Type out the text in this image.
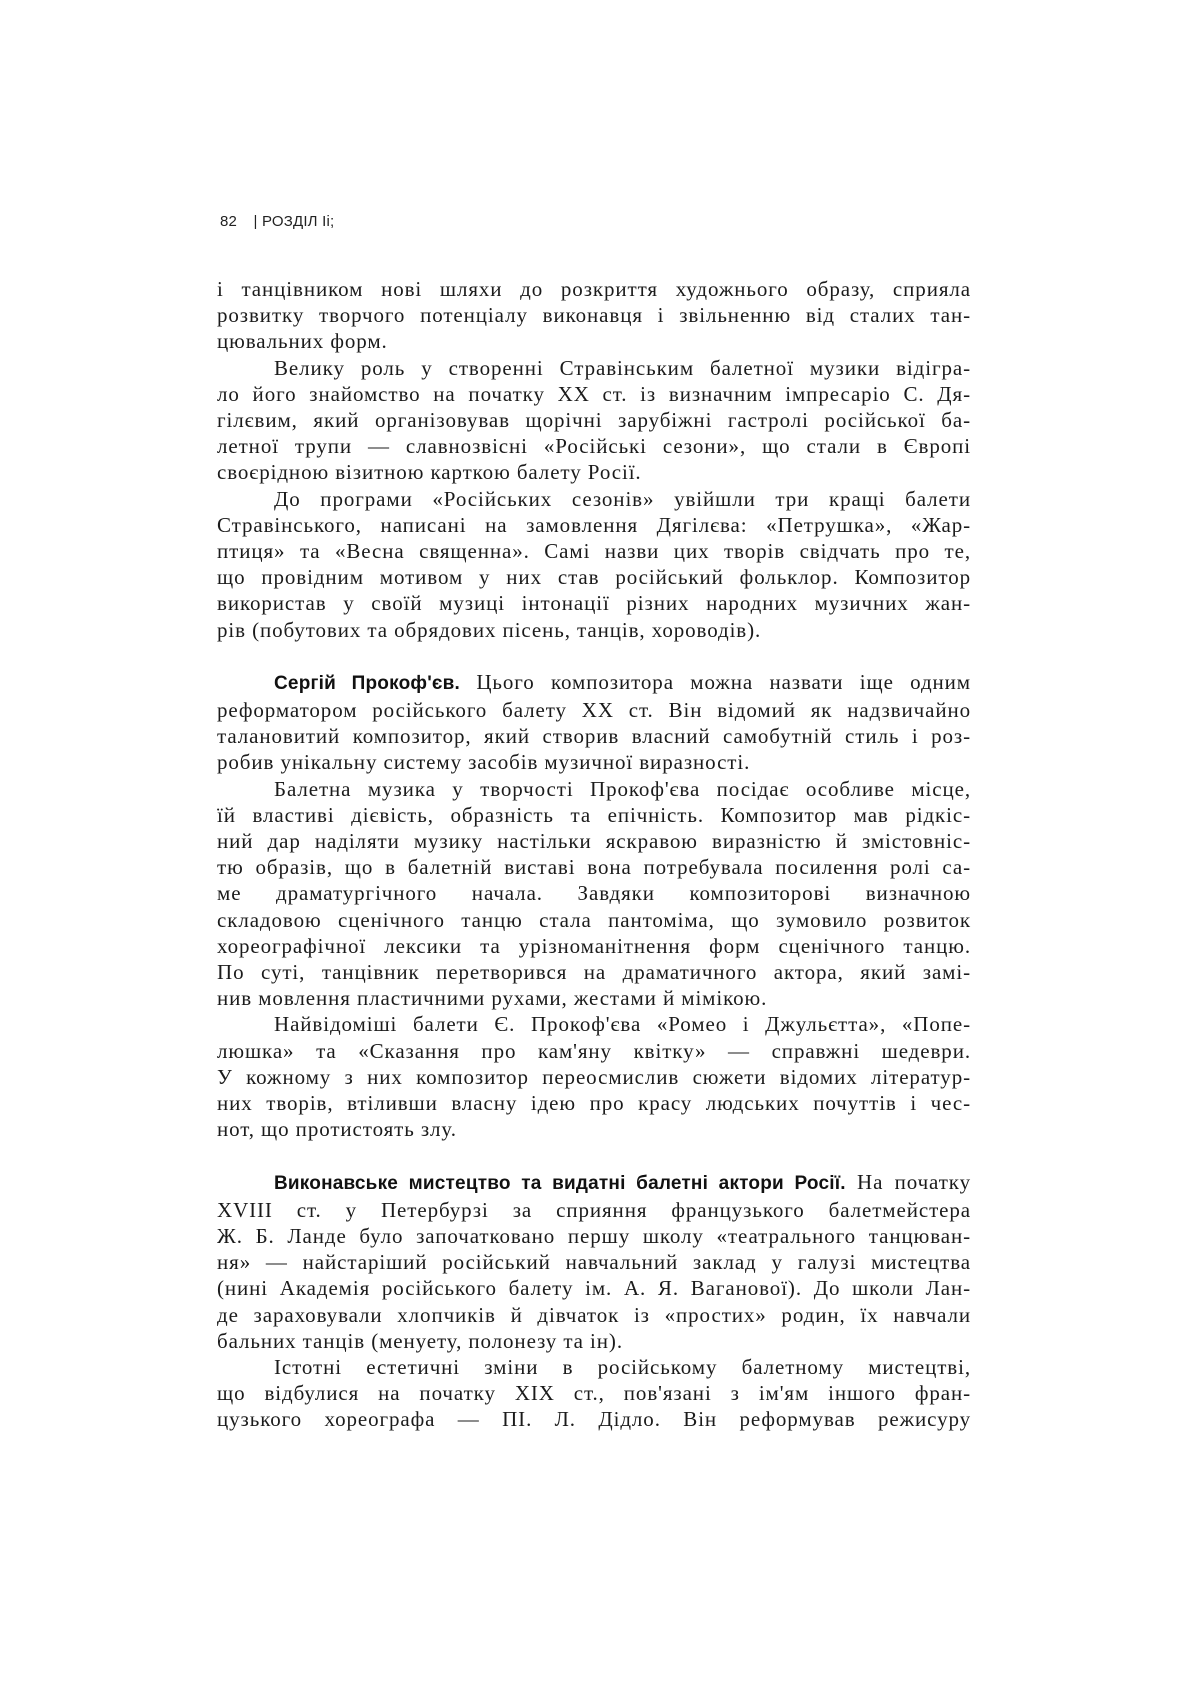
82 | РОЗДІЛ Ii;

і танцівником нові шляхи до розкриття художнього образу, сприяла
розвитку творчого потенціалу виконавця і звільненню від сталих тан-
цювальних форм.

Велику роль у створенні Стравінським балетної музики відігра-
ло його знайомство на початку XX ст. із визначним імпресаріо С. Дя-
гілєвим, який організовував щорічні зарубіжні гастролі російської ба-
летної трупи — славнозвісні «Російські сезони», що стали в Європі
своєрідною візитною карткою балету Росії.

До програми «Російських сезонів» увійшли три кращі балети
Стравінського, написані на замовлення Дягілєва: «Петрушка», «Жар-
птиця» та «Весна священна». Самі назви цих творів свідчать про те,
що провідним мотивом у них став російський фольклор. Композитор
використав у своїй музиці інтонації різних народних музичних жан-
рів (побутових та обрядових пісень, танців, хороводів).

Сергій Прокоф'єв. Цього композитора можна назвати іще одним
реформатором російського балету XX ст. Він відомий як надзвичайно
талановитий композитор, який створив власний самобутній стиль і роз-
робив унікальну систему засобів музичної виразності.

Балетна музика у творчості Прокоф'єва посідає особливе місце,
їй властиві дієвість, образність та епічність. Композитор мав рідкіс-
ний дар наділяти музику настільки яскравою виразністю й змістовніс-
тю образів, що в балетній виставі вона потребувала посилення ролі са-
ме драматургічного начала. Завдяки композиторові визначною
складовою сценічного танцю стала пантоміма, що зумовило розвиток
хореографічної лексики та урізноманітнення форм сценічного танцю.
По суті, танцівник перетворився на драматичного актора, який замі-
нив мовлення пластичними рухами, жестами й мімікою.

Найвідоміші балети Є. Прокоф'єва «Ромео і Джульєтта», «Попе-
люшка» та «Сказання про кам'яну квітку» — справжні шедеври.
У кожному з них композитор переосмислив сюжети відомих літератур-
них творів, втіливши власну ідею про красу людських почуттів і чес-
нот, що протистоять злу.

Виконавське мистецтво та видатні балетні актори Росії. На початку
XVIII ст. у Петербурзі за сприяння французького балетмейстера
Ж. Б. Ланде було започатковано першу школу «театрального танцюван-
ня» — найстаріший російський навчальний заклад у галузі мистецтва
(нині Академія російського балету ім. А. Я. Ваганової). До школи Лан-
де зараховували хлопчиків й дівчаток із «простих» родин, їх навчали
бальних танців (менуету, полонезу та ін).

Істотні естетичні зміни в російському балетному мистецтві,
що відбулися на початку XIX ст., пов'язані з ім'ям іншого фран-
цузького хореографа — ПІ. Л. Дідло. Він реформував режисуру
